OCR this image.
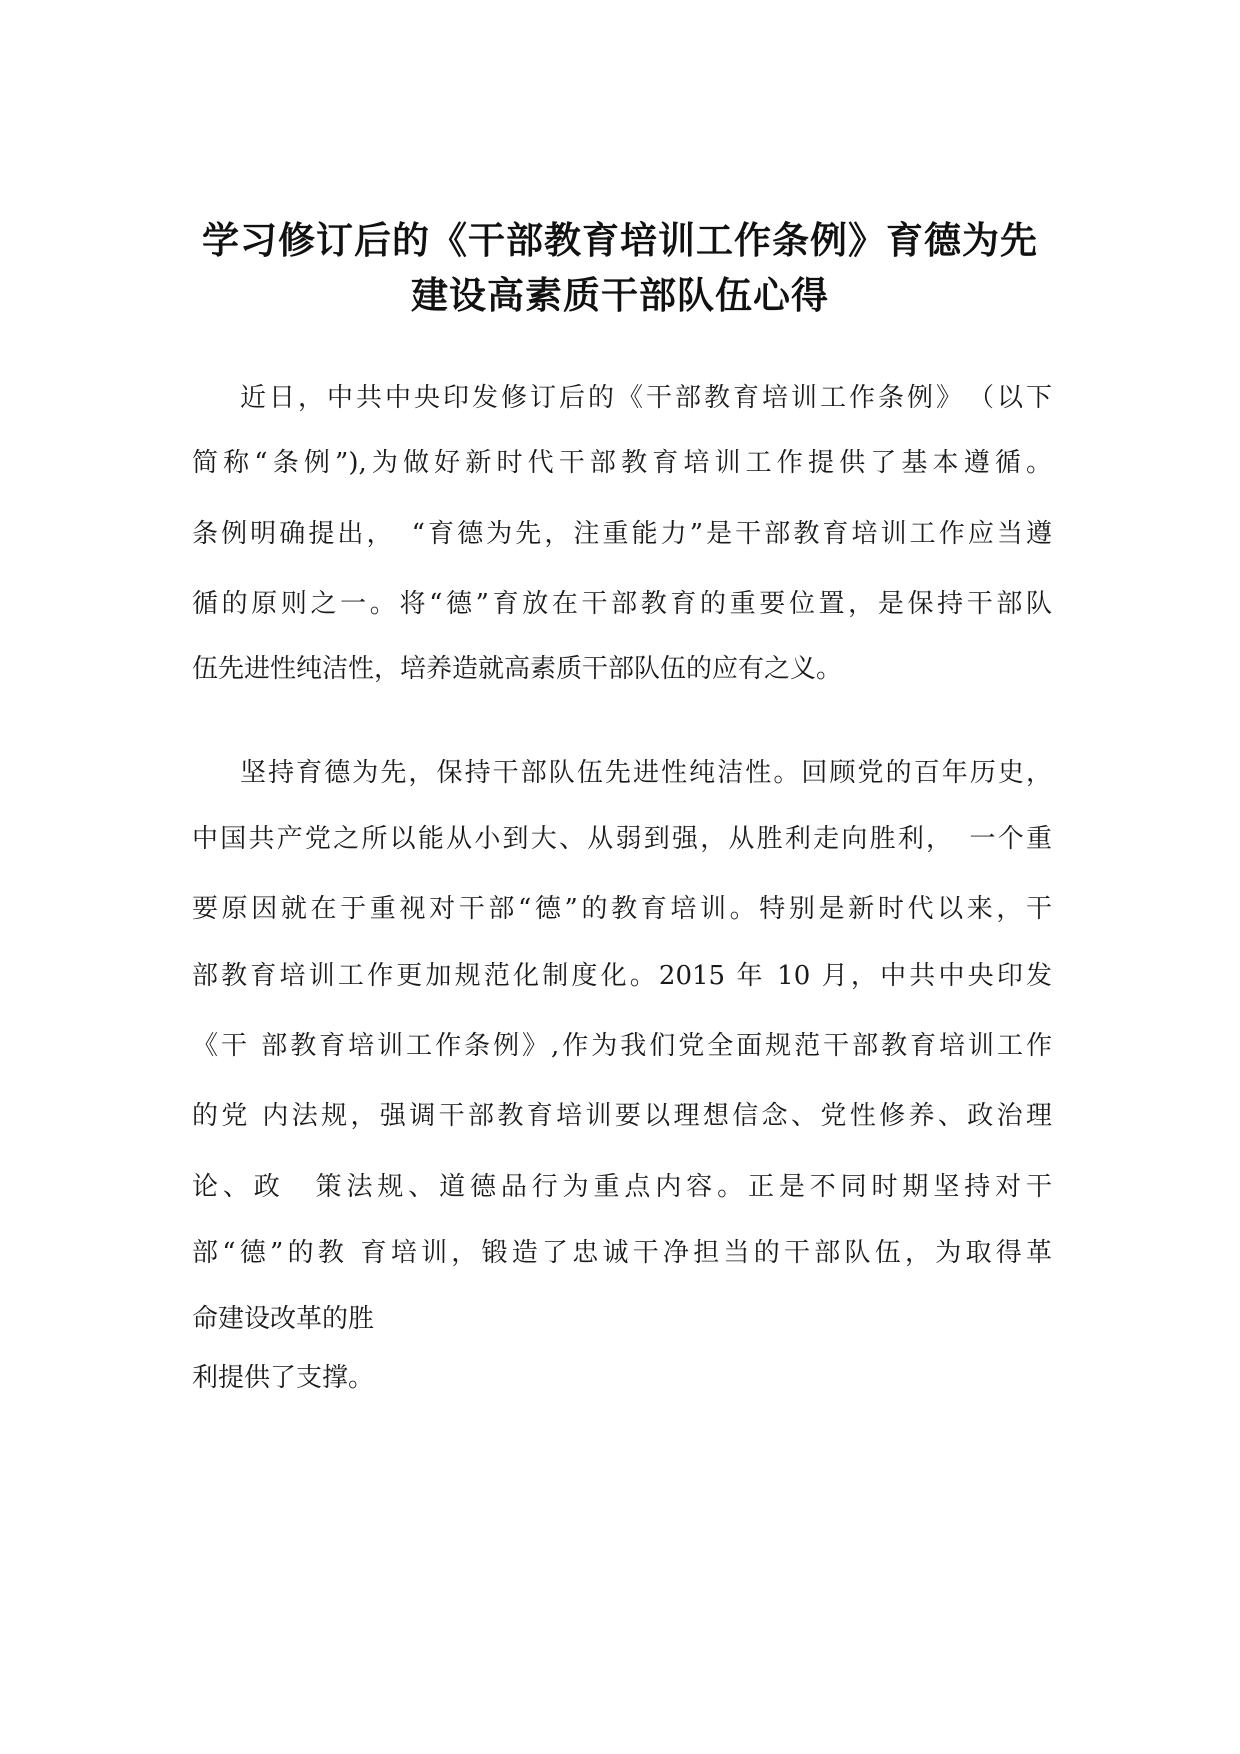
学习修订后的《干部教育培训工作条例》育德为先
建设高素质干部队伍心得

近日，中共中央印发修订后的《干部教育培训工作条例》　（以下

简称“条例”),为做好新时代干部教育培训工作提供了基本遵循。

条例明确提出，　“育德为先，注重能力”是干部教育培训工作应当遵

循的原则之一。将“德”育放在干部教育的重要位置，是保持干部队

伍先进性纯洁性，培养造就高素质干部队伍的应有之义。

坚持育德为先，保持干部队伍先进性纯洁性。回顾党的百年历史，

中国共产党之所以能从小到大、从弱到强，从胜利走向胜利，　一个重

要原因就在于重视对干部“德”的教育培训。特别是新时代以来，干

部教育培训工作更加规范化制度化。2015 年 10 月，中共中央印发

《干 部教育培训工作条例》,作为我们党全面规范干部教育培训工作

的党 内法规，强调干部教育培训要以理想信念、党性修养、政治理

论、政　策法规、道德品行为重点内容。正是不同时期坚持对干

部“德”的教 育培训，锻造了忠诚干净担当的干部队伍，为取得革

命建设改革的胜

利提供了支撑。
